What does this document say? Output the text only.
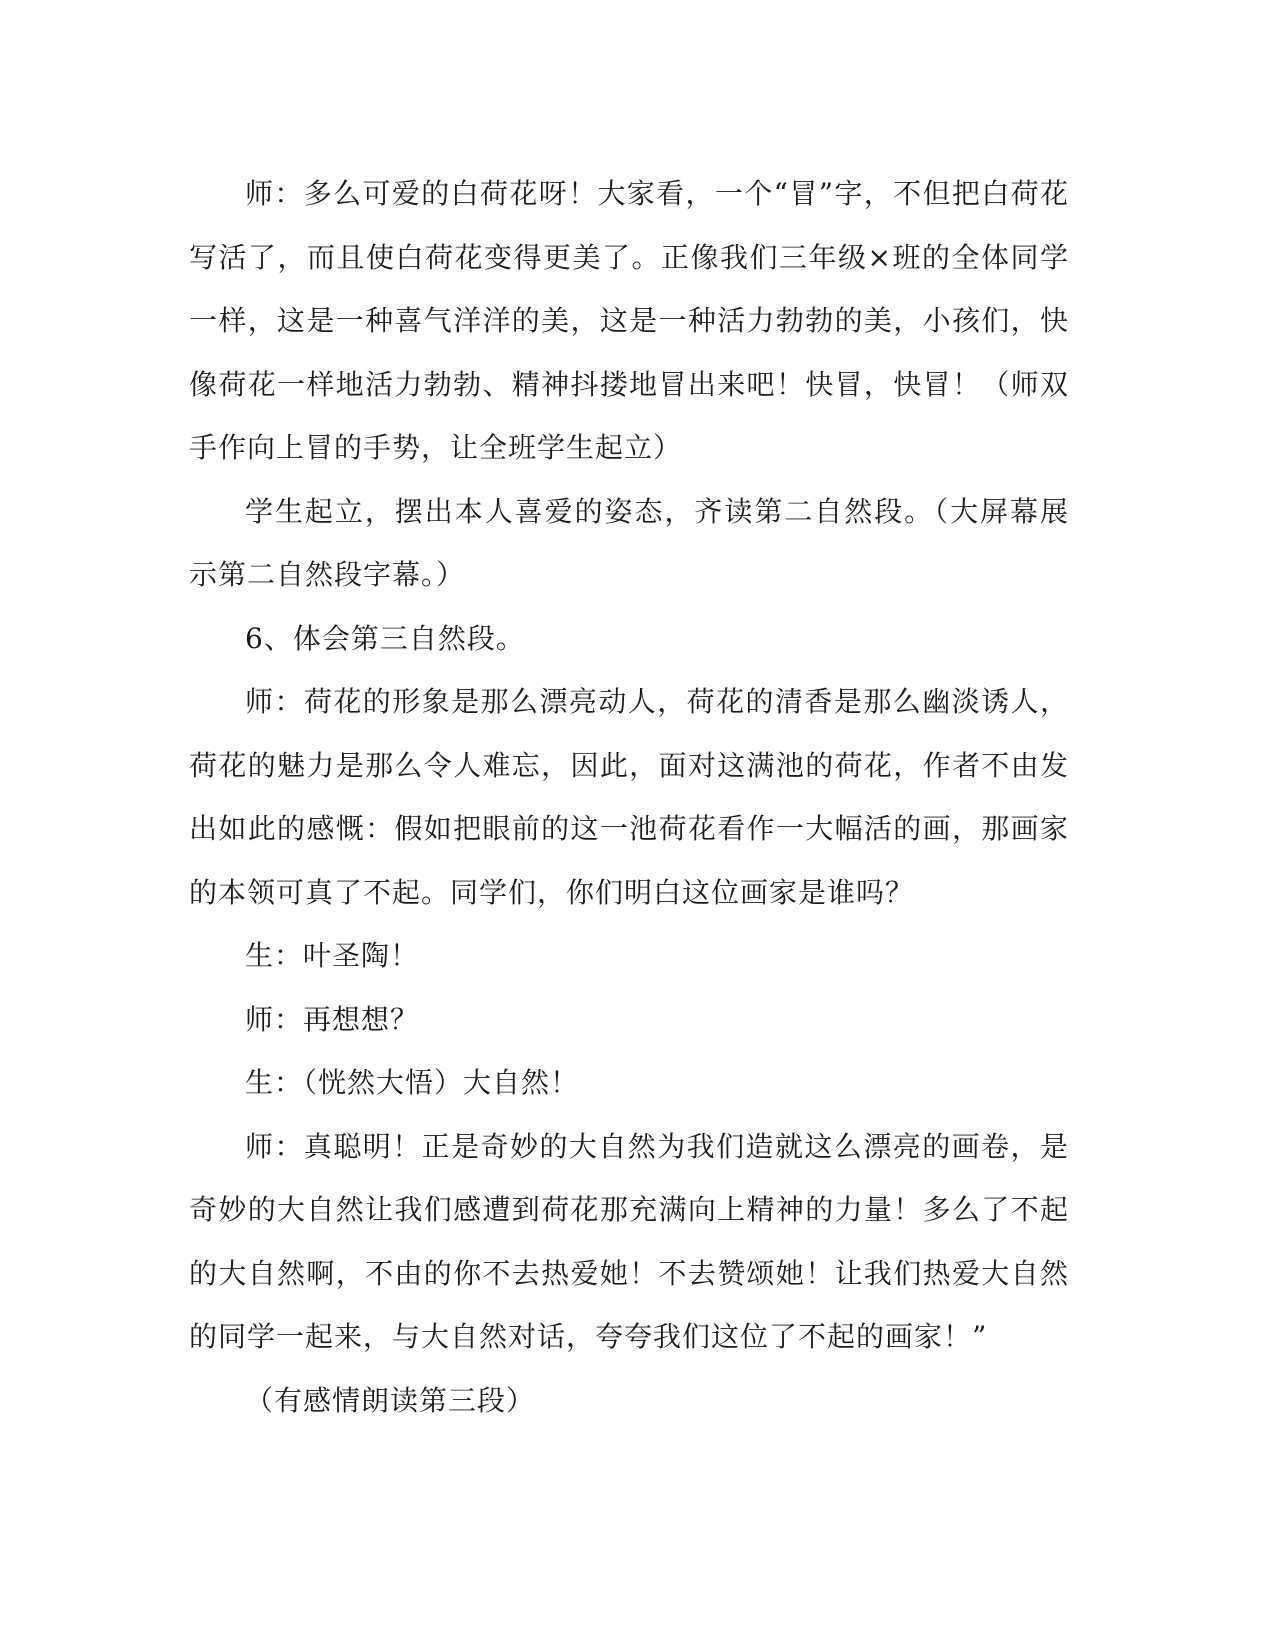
师：多么可爱的白荷花呀！大家看，一个“冒”字，不但把白荷花写活了，而且使白荷花变得更美了。正像我们三年级×班的全体同学一样，这是一种喜气洋洋的美，这是一种活力勃勃的美，小孩们，快像荷花一样地活力勃勃、精神抖搂地冒出来吧！快冒，快冒！（师双手作向上冒的手势，让全班学生起立）

学生起立，摆出本人喜爱的姿态，齐读第二自然段。（大屏幕展示第二自然段字幕。）

6、体会第三自然段。

师：荷花的形象是那么漂亮动人，荷花的清香是那么幽淡诱人，荷花的魅力是那么令人难忘，因此，面对这满池的荷花，作者不由发出如此的感慨：假如把眼前的这一池荷花看作一大幅活的画，那画家的本领可真了不起。同学们，你们明白这位画家是谁吗？

生：叶圣陶！

师：再想想？

生：（恍然大悟）大自然！

师：真聪明！正是奇妙的大自然为我们造就这么漂亮的画卷，是奇妙的大自然让我们感遭到荷花那充满向上精神的力量！多么了不起的大自然啊，不由的你不去热爱她！不去赞颂她！让我们热爱大自然的同学一起来，与大自然对话，夸夸我们这位了不起的画家！”

（有感情朗读第三段）
